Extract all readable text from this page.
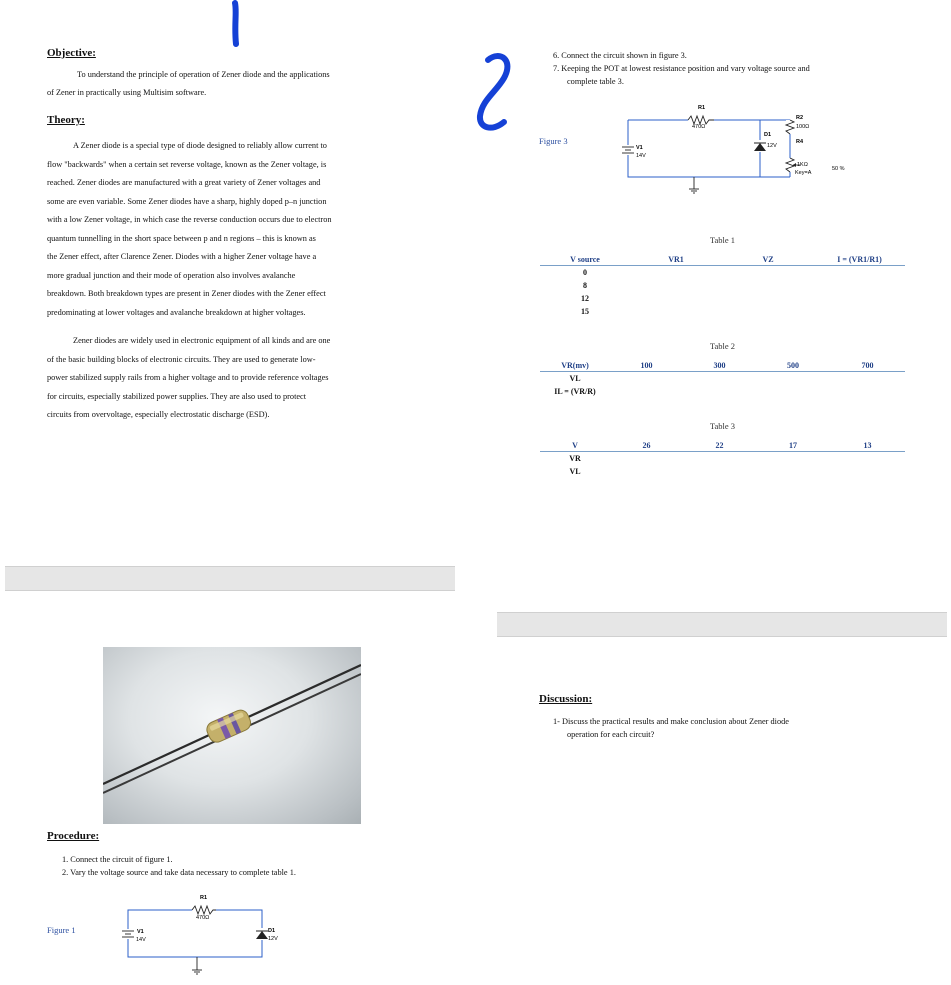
Objective:
To understand the principle of operation of Zener diode and the applications
of Zener in practically using Multisim software.
Theory:
A Zener diode is a special type of diode designed to reliably allow current to
flow "backwards" when a certain set reverse voltage, known as the Zener voltage, is
reached. Zener diodes are manufactured with a great variety of Zener voltages and
some are even variable. Some Zener diodes have a sharp, highly doped p–n junction
with a low Zener voltage, in which case the reverse conduction occurs due to electron
quantum tunnelling in the short space between p and n regions – this is known as
the Zener effect, after Clarence Zener. Diodes with a higher Zener voltage have a
more gradual junction and their mode of operation also involves avalanche
breakdown. Both breakdown types are present in Zener diodes with the Zener effect
predominating at lower voltages and avalanche breakdown at higher voltages.
Zener diodes are widely used in electronic equipment of all kinds and are one
of the basic building blocks of electronic circuits. They are used to generate low-
power stabilized supply rails from a higher voltage and to provide reference voltages
for circuits, especially stabilized power supplies. They are also used to protect
circuits from overvoltage, especially electrostatic discharge (ESD).
Procedure:
1. Connect the circuit of figure 1.
2. Vary the voltage source and take data necessary to complete table 1.
Figure 1
R1
470Ω
V1
14V
D1
12V
6. Connect the circuit shown in figure 3.
7. Keeping the POT at lowest resistance position and vary voltage source and
complete table 3.
Figure 3
R1
470Ω
V1
14V
D1
12V
R2
100Ω
R4
1KΩ
Key=A
50 %
Table 1
V source	VR1	VZ	I = (VR1/R1)
0			
8			
12			
15			
Table 2
VR(mv)	100	300	500	700
VL				
IL = (VR/R)				
Table 3
V	26	22	17	13
VR				
VL				
Discussion:
1- Discuss the practical results and make conclusion about Zener diode
operation for each circuit?
